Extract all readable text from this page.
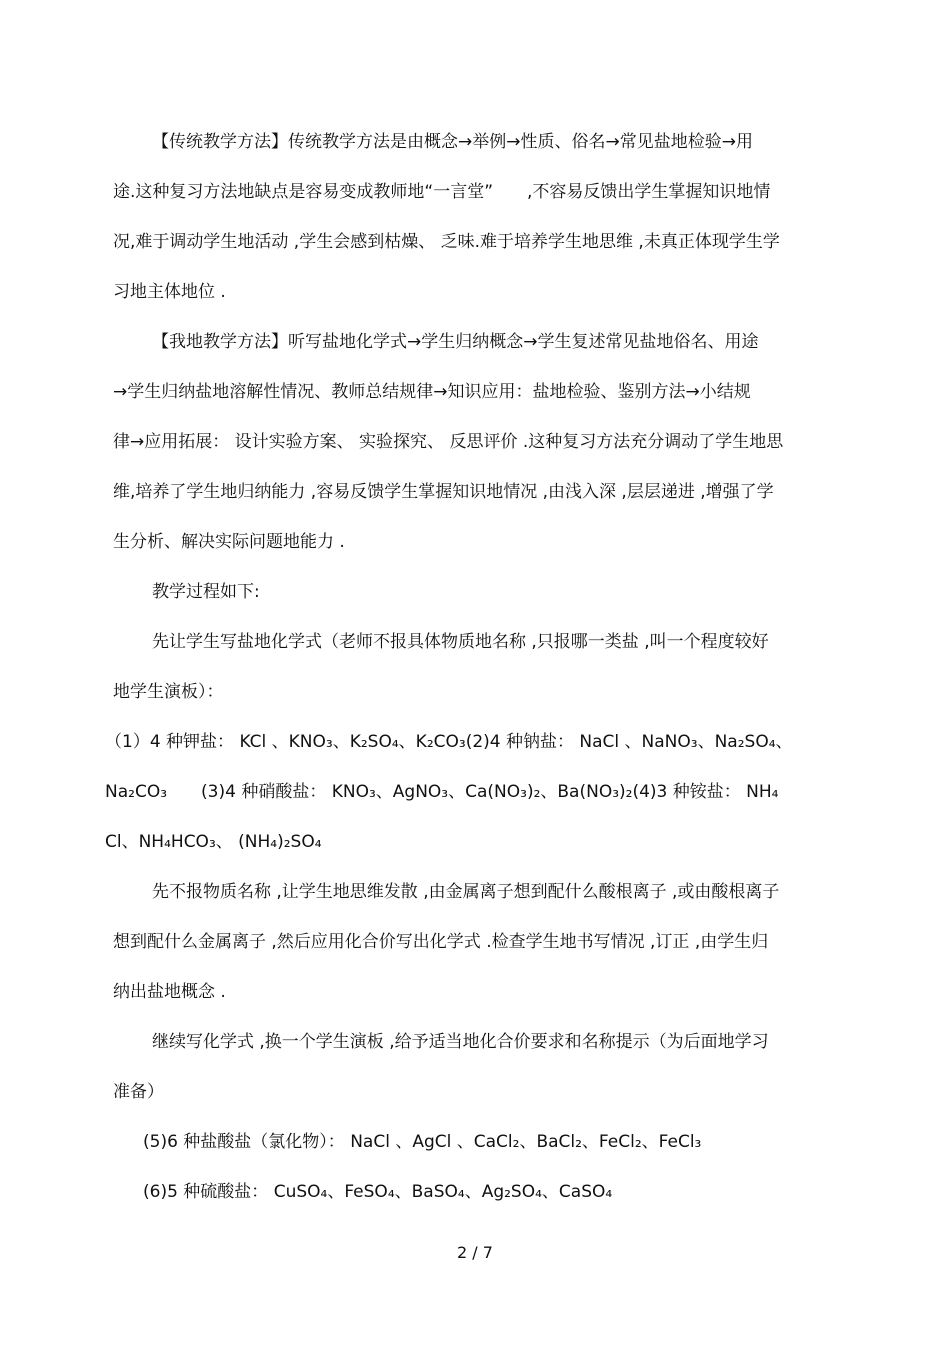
【传统教学方法】传统教学方法是由概念→举例→性质、俗名→常见盐地检验→用
途.这种复习方法地缺点是容易变成教师地“一言堂”　　,不容易反馈出学生掌握知识地情
况,难于调动学生地活动 ,学生会感到枯燥、 乏味.难于培养学生地思维 ,未真正体现学生学
习地主体地位 .
【我地教学方法】听写盐地化学式→学生归纳概念→学生复述常见盐地俗名、用途
→学生归纳盐地溶解性情况、教师总结规律→知识应用：盐地检验、鉴别方法→小结规
律→应用拓展： 设计实验方案、 实验探究、 反思评价 .这种复习方法充分调动了学生地思
维,培养了学生地归纳能力 ,容易反馈学生掌握知识地情况 ,由浅入深 ,层层递进 ,增强了学
生分析、解决实际问题地能力 .
教学过程如下:
先让学生写盐地化学式（老师不报具体物质地名称 ,只报哪一类盐 ,叫一个程度较好
地学生演板）：
（1）4 种钾盐： KCl 、KNO₃、K₂SO₄、K₂CO₃(2)4 种钠盐： NaCl 、NaNO₃、Na₂SO₄、
Na₂CO₃　　(3)4 种硝酸盐： KNO₃、AgNO₃、Ca(NO₃)₂、Ba(NO₃)₂(4)3 种铵盐： NH₄
Cl、NH₄HCO₃、 (NH₄)₂SO₄
先不报物质名称 ,让学生地思维发散 ,由金属离子想到配什么酸根离子 ,或由酸根离子
想到配什么金属离子 ,然后应用化合价写出化学式 .检查学生地书写情况 ,订正 ,由学生归
纳出盐地概念 .
继续写化学式 ,换一个学生演板 ,给予适当地化合价要求和名称提示（为后面地学习
准备）
(5)6 种盐酸盐（氯化物）： NaCl 、AgCl 、CaCl₂、BaCl₂、FeCl₂、FeCl₃
(6)5 种硫酸盐： CuSO₄、FeSO₄、BaSO₄、Ag₂SO₄、CaSO₄
2 / 7
